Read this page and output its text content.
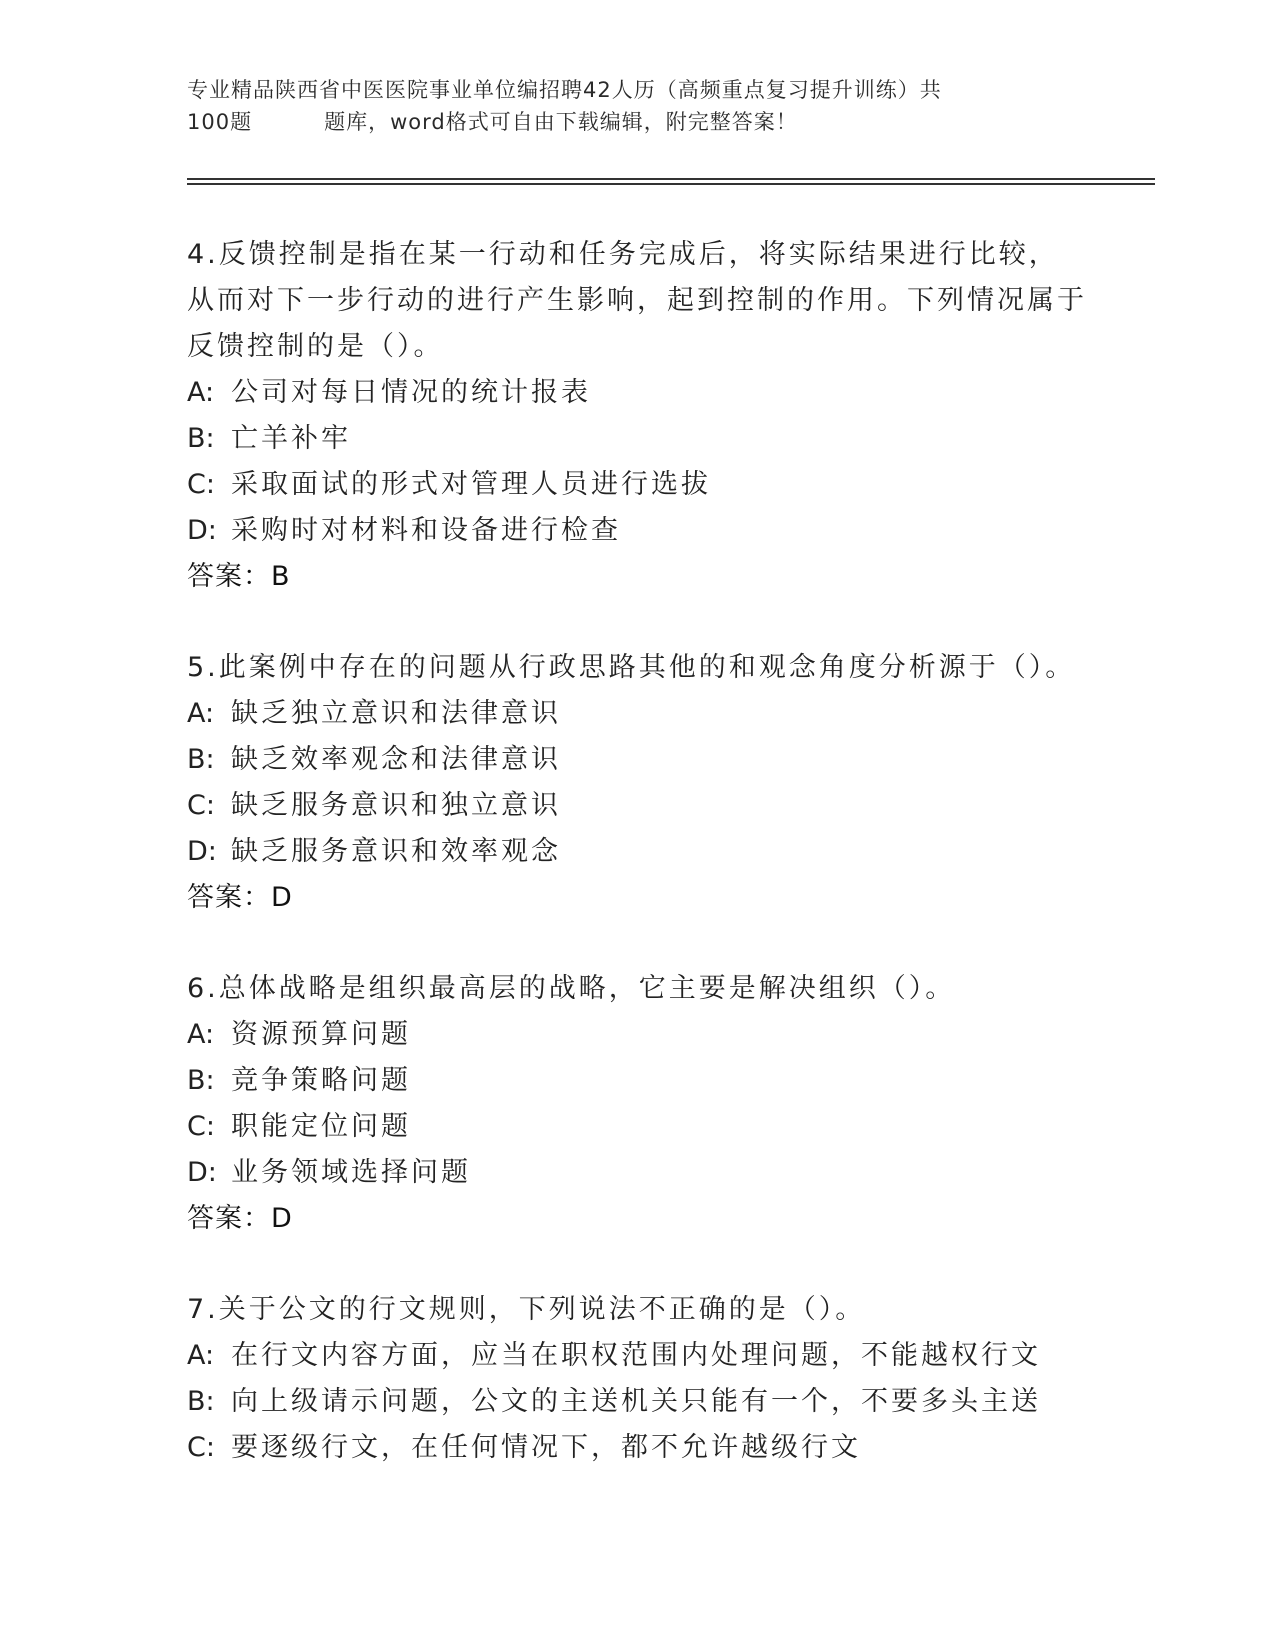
专业精品陕西省中医医院事业单位编招聘42人历（高频重点复习提升训练）共
100题	题库，word格式可自由下载编辑，附完整答案！
4.反馈控制是指在某一行动和任务完成后，将实际结果进行比较，从而对下一步行动的进行产生影响，起到控制的作用。下列情况属于反馈控制的是（）。
A: 公司对每日情况的统计报表
B: 亡羊补牢
C: 采取面试的形式对管理人员进行选拔
D: 采购时对材料和设备进行检查
答案：B
5.此案例中存在的问题从行政思路其他的和观念角度分析源于（）。
A: 缺乏独立意识和法律意识
B: 缺乏效率观念和法律意识
C: 缺乏服务意识和独立意识
D: 缺乏服务意识和效率观念
答案：D
6.总体战略是组织最高层的战略，它主要是解决组织（）。
A: 资源预算问题
B: 竞争策略问题
C: 职能定位问题
D: 业务领域选择问题
答案：D
7.关于公文的行文规则，下列说法不正确的是（）。
A: 在行文内容方面，应当在职权范围内处理问题，不能越权行文
B: 向上级请示问题，公文的主送机关只能有一个，不要多头主送
C: 要逐级行文，在任何情况下，都不允许越级行文
